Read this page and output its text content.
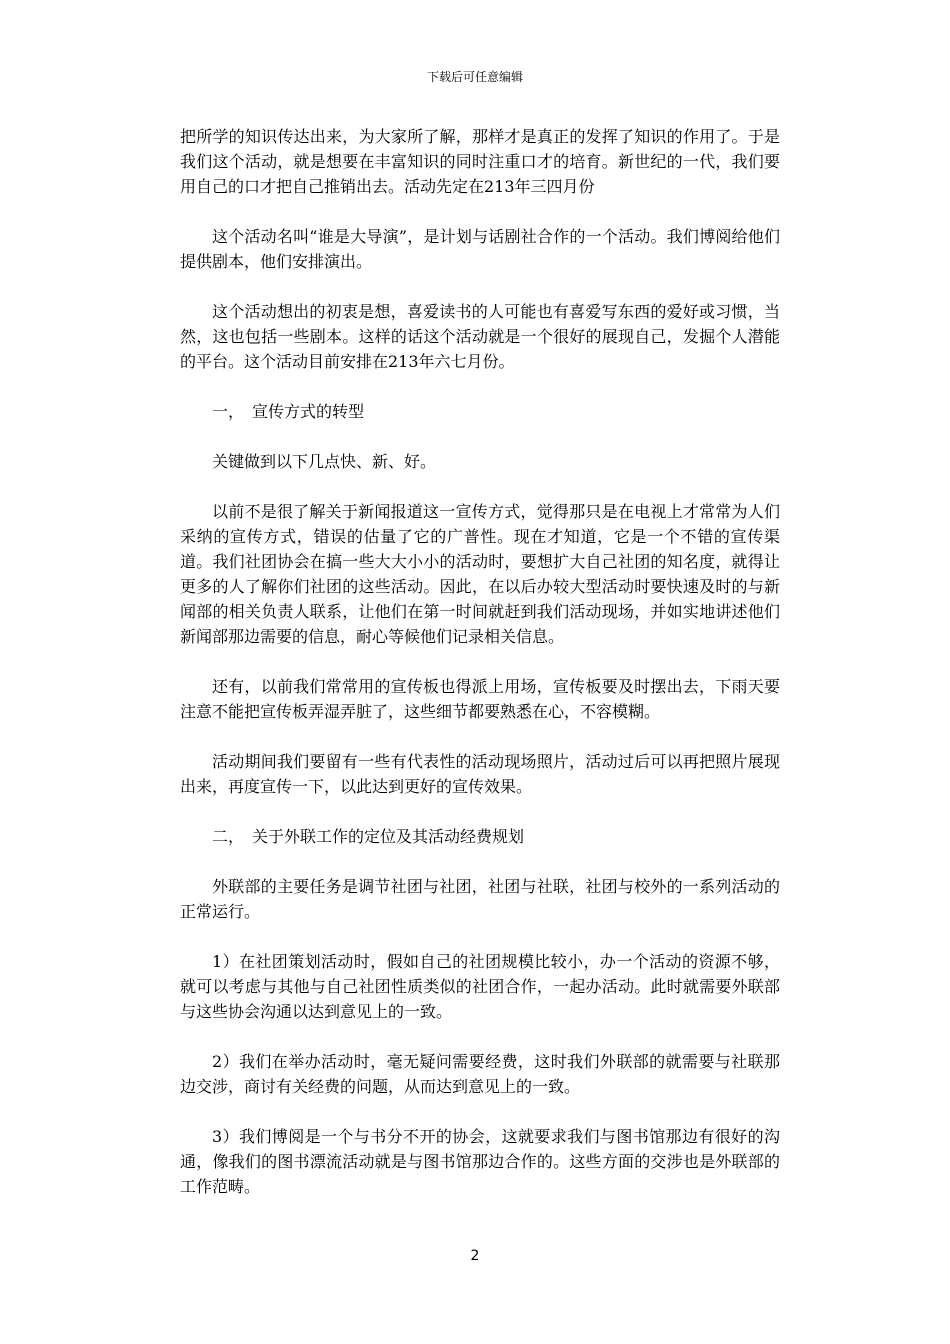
下载后可任意编辑

把所学的知识传达出来，为大家所了解，那样才是真正的发挥了知识的作用了。于是我们这个活动，就是想要在丰富知识的同时注重口才的培育。新世纪的一代，我们要用自己的口才把自己推销出去。活动先定在213年三四月份

这个活动名叫“谁是大导演”，是计划与话剧社合作的一个活动。我们博阅给他们提供剧本，他们安排演出。

这个活动想出的初衷是想，喜爱读书的人可能也有喜爱写东西的爱好或习惯，当然，这也包括一些剧本。这样的话这个活动就是一个很好的展现自己，发掘个人潜能的平台。这个活动目前安排在213年六七月份。

一，　宣传方式的转型

关键做到以下几点快、新、好。

以前不是很了解关于新闻报道这一宣传方式，觉得那只是在电视上才常常为人们采纳的宣传方式，错误的估量了它的广普性。现在才知道，它是一个不错的宣传渠道。我们社团协会在搞一些大大小小的活动时，要想扩大自己社团的知名度，就得让更多的人了解你们社团的这些活动。因此，在以后办较大型活动时要快速及时的与新闻部的相关负责人联系，让他们在第一时间就赶到我们活动现场，并如实地讲述他们新闻部那边需要的信息，耐心等候他们记录相关信息。

还有，以前我们常常用的宣传板也得派上用场，宣传板要及时摆出去，下雨天要注意不能把宣传板弄湿弄脏了，这些细节都要熟悉在心，不容模糊。

活动期间我们要留有一些有代表性的活动现场照片，活动过后可以再把照片展现出来，再度宣传一下，以此达到更好的宣传效果。

二，　关于外联工作的定位及其活动经费规划

外联部的主要任务是调节社团与社团，社团与社联，社团与校外的一系列活动的正常运行。

1）在社团策划活动时，假如自己的社团规模比较小，办一个活动的资源不够，就可以考虑与其他与自己社团性质类似的社团合作，一起办活动。此时就需要外联部与这些协会沟通以达到意见上的一致。

2）我们在举办活动时，毫无疑问需要经费，这时我们外联部的就需要与社联那边交涉，商讨有关经费的问题，从而达到意见上的一致。

3）我们博阅是一个与书分不开的协会，这就要求我们与图书馆那边有很好的沟通，像我们的图书漂流活动就是与图书馆那边合作的。这些方面的交涉也是外联部的工作范畴。

2
